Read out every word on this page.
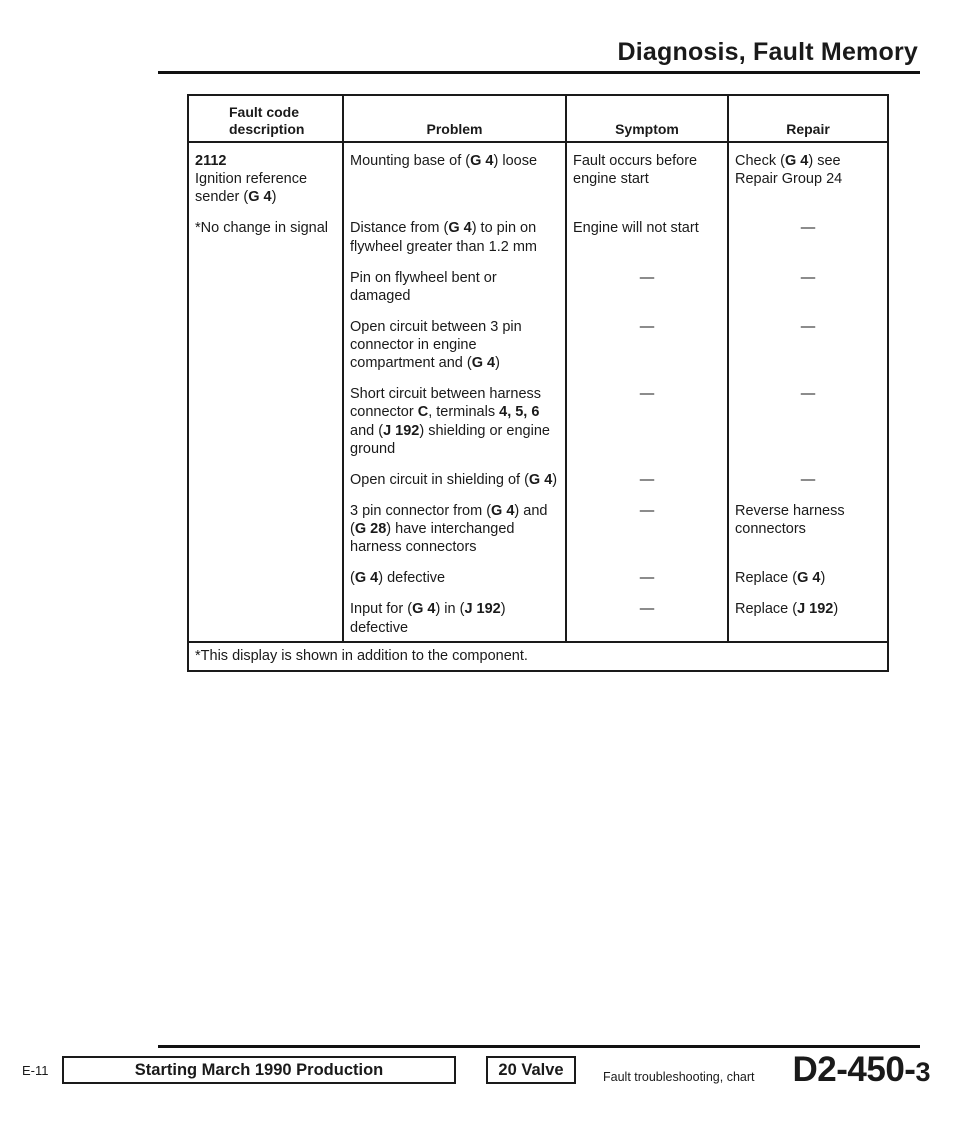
Diagnosis, Fault Memory
Fault code
description	Problem	Symptom	Repair

2112
Ignition reference
sender (G 4)	Mounting base of (G 4) loose	Fault occurs before engine start	Check (G 4) see Repair Group 24
*No change in signal	Distance from (G 4) to pin on flywheel greater than 1.2 mm	Engine will not start	—
	Pin on flywheel bent or damaged	—	—
	Open circuit between 3 pin connector in engine compartment and (G 4)	—	—
	Short circuit between harness connector C, terminals 4, 5, 6 and (J 192) shielding or engine ground	—	—
	Open circuit in shielding of (G 4)	—	—
	3 pin connector from (G 4) and (G 28) have interchanged harness connectors	—	Reverse harness connectors
	(G 4) defective	—	Replace (G 4)
	Input for (G 4) in (J 192) defective	—	Replace (J 192)
*This display is shown in addition to the component.			
E-11	Starting March 1990 Production	20 Valve	Fault troubleshooting, chart D2-450-3
